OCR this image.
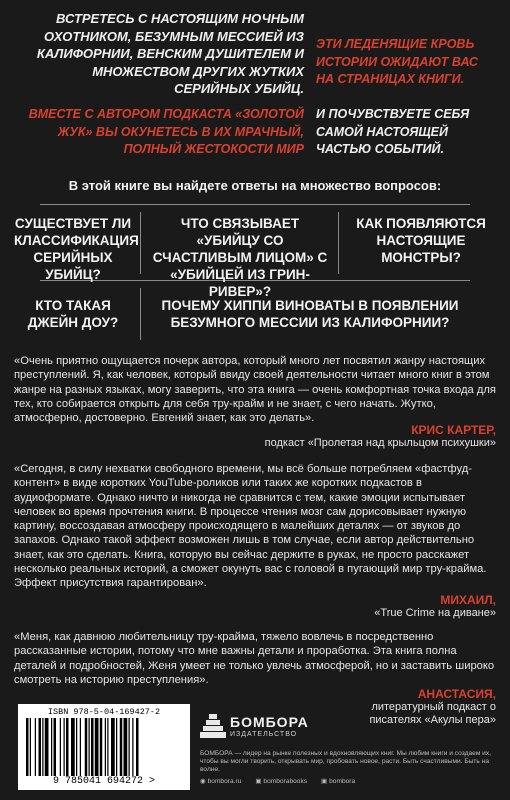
ВСТРЕТЕСЬ С НАСТОЯЩИМ НОЧНЫМ ОХОТНИКОМ, БЕЗУМНЫМ МЕССИЕЙ ИЗ КАЛИФОРНИИ, ВЕНСКИМ ДУШИТЕЛЕМ И МНОЖЕСТВОМ ДРУГИХ ЖУТКИХ СЕРИЙНЫХ УБИЙЦ.
ЭТИ ЛЕДЕНЯЩИЕ КРОВЬ ИСТОРИИ ОЖИДАЮТ ВАС НА СТРАНИЦАХ КНИГИ.
ВМЕСТЕ С АВТОРОМ ПОДКАСТА «ЗОЛОТОЙ ЖУК» ВЫ ОКУНЕТЕСЬ В ИХ МРАЧНЫЙ, ПОЛНЫЙ ЖЕСТОКОСТИ МИР
И ПОЧУВСТВУЕТЕ СЕБЯ САМОЙ НАСТОЯЩЕЙ ЧАСТЬЮ СОБЫТИЙ.
В этой книге вы найдете ответы на множество вопросов:
СУЩЕСТВУЕТ ЛИ КЛАССИФИКАЦИЯ СЕРИЙНЫХ УБИЙЦ?
ЧТО СВЯЗЫВАЕТ «УБИЙЦУ СО СЧАСТЛИВЫМ ЛИЦОМ» С «УБИЙЦЕЙ ИЗ ГРИН-РИВЕР»?
КАК ПОЯВЛЯЮТСЯ НАСТОЯЩИЕ МОНСТРЫ?
КТО ТАКАЯ ДЖЕЙН ДОУ?
ПОЧЕМУ ХИППИ ВИНОВАТЫ В ПОЯВЛЕНИИ БЕЗУМНОГО МЕССИИ ИЗ КАЛИФОРНИИ?
«Очень приятно ощущается почерк автора, который много лет посвятил жанру настоящих преступлений. Я, как человек, который ввиду своей деятельности читает много книг в этом жанре на разных языках, могу заверить, что эта книга — очень комфортная точка входа для тех, кто собирается открыть для себя тру-крайм и не знает, с чего начать. Жутко, атмосферно, достоверно. Евгений знает, как это делать».
КРИС КАРТЕР,
подкаст «Пролетая над крыльцом психушки»
«Сегодня, в силу нехватки свободного времени, мы всё больше потребляем «фастфуд-контент» в виде коротких YouTube-роликов или таких же коротких подкастов в аудиоформате. Однако ничто и никогда не сравнится с тем, какие эмоции испытывает человек во время прочтения книги. В процессе чтения мозг сам дорисовывает нужную картину, воссоздавая атмосферу происходящего в малейших деталях — от звуков до запахов. Однако такой эффект возможен лишь в том случае, если автор действительно знает, как это сделать. Книга, которую вы сейчас держите в руках, не просто расскажет несколько реальных историй, а сможет окунуть вас с головой в пугающий мир тру-крайма. Эффект присутствия гарантирован».
МИХАИЛ,
«True Crime на диване»
«Меня, как давнюю любительницу тру-крайма, тяжело вовлечь в посредственно рассказанные истории, потому что мне важны детали и проработка. Эта книга полна деталей и подробностей, Женя умеет не только увлечь атмосферой, но и заставить широко смотреть на историю преступления».
АНАСТАСИЯ,
литературный подкаст о писателях «Акулы пера»
ISBN 978-5-04-169427-2
9 785041 694272 >
БОМБОРА
ИЗДАТЕЛЬСТВО
БОМБОРА — лидер на рынке полезных и вдохновляющих книг. Мы любим книги и создаем их, чтобы вы могли творить, открывать мир, пробовать новое, расти. Быть счастливыми. Быть на волне.
◉ bombora.ru ▣ bomborabooks ▣ bombora
